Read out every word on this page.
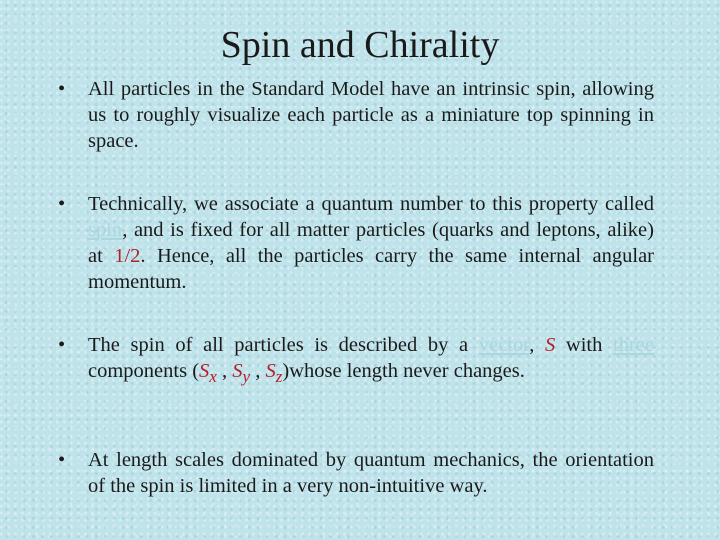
Spin and Chirality
•	All particles in the Standard Model have an intrinsic spin, allowing us to roughly visualize each particle as a miniature top spinning in space.
•	Technically, we associate a quantum number to this property called spin, and is fixed for all matter particles (quarks and leptons, alike) at 1/2. Hence, all the particles carry the same internal angular momentum.
•	The spin of all particles is described by a vector, S with three components ($S_x$ , $S_y$ , $S_z)whose$ length never changes.
•	At length scales dominated by quantum mechanics, the orientation of the spin is limited in a very non-intuitive way.
